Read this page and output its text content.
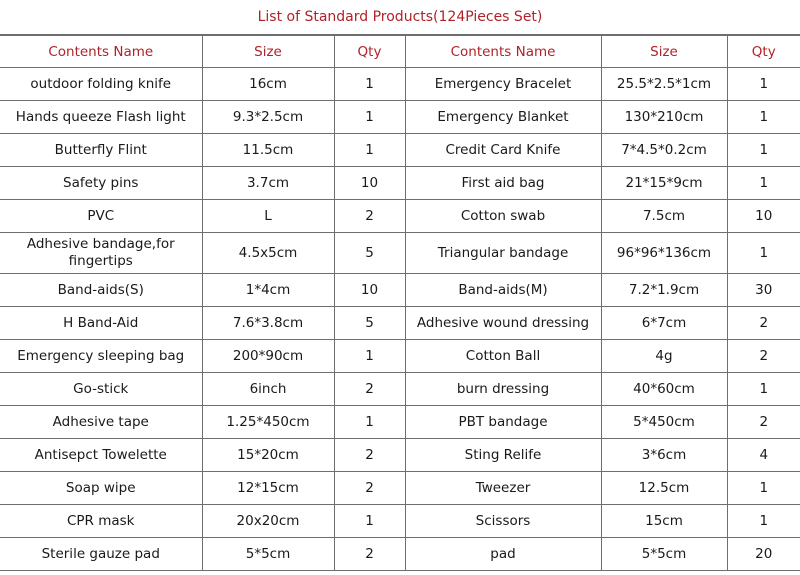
List of Standard Products(124Pieces Set)
Contents Name	Size	Qty	Contents Name	Size	Qty
outdoor folding knife	16cm	1	Emergency Bracelet	25.5*2.5*1cm	1
Hands queeze Flash light	9.3*2.5cm	1	Emergency Blanket	130*210cm	1
Butterfly Flint	11.5cm	1	Credit Card Knife	7*4.5*0.2cm	1
Safety pins	3.7cm	10	First aid bag	21*15*9cm	1
PVC	L	2	Cotton swab	7.5cm	10
Adhesive bandage,for fingertips	4.5x5cm	5	Triangular bandage	96*96*136cm	1
Band-aids(S)	1*4cm	10	Band-aids(M)	7.2*1.9cm	30
H Band-Aid	7.6*3.8cm	5	Adhesive wound dressing	6*7cm	2
Emergency sleeping bag	200*90cm	1	Cotton Ball	4g	2
Go-stick	6inch	2	burn dressing	40*60cm	1
Adhesive tape	1.25*450cm	1	PBT bandage	5*450cm	2
Antisepct Towelette	15*20cm	2	Sting Relife	3*6cm	4
Soap wipe	12*15cm	2	Tweezer	12.5cm	1
CPR mask	20x20cm	1	Scissors	15cm	1
Sterile gauze pad	5*5cm	2	pad	5*5cm	20
